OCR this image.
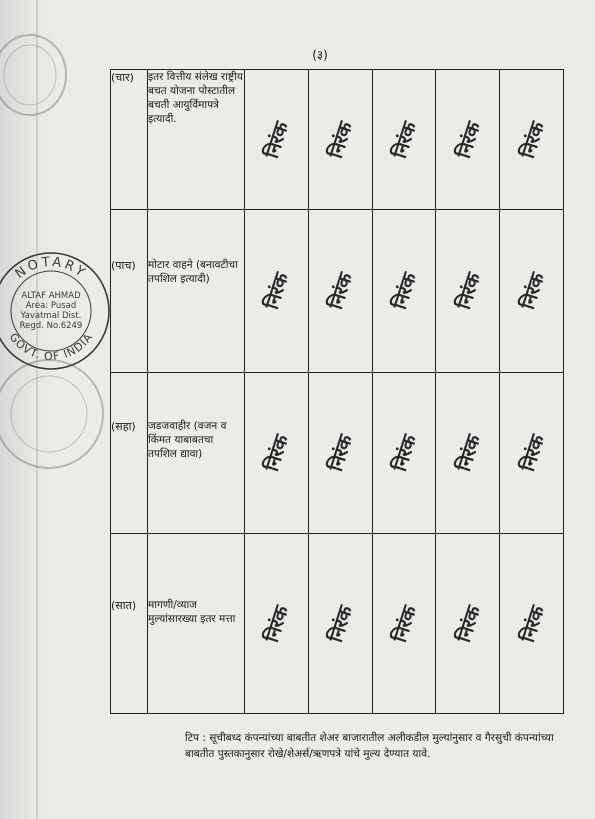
(३)
NOTARY
GOVT. OF INDIA
ALTAF AHMAD
Area: Pusad
Yavatmal Dist.
Regd. No.6249
(चार)	इतर वित्तीय संलेख राष्ट्रीय बचत योजना पोस्टातील बचती आयुर्विमापत्रे इत्यादी.	निरंक	निरंक	निरंक	निरंक	निरंक

(पाच)	मोटार वाहने (बनावटीचा तपशिल इत्यादी)	निरंक	निरंक	निरंक	निरंक	निरंक

(सहा)	जडजवाहीर (वजन व किंमत याबाबतचा तपशिल द्यावा)	निरंक	निरंक	निरंक	निरंक	निरंक

(सात)	मागणी/व्याज मुल्यांसारख्या इतर मत्ता	निरंक	निरंक	निरंक	निरंक	निरंक
टिप : सूचीबध्द कंपन्यांच्या बाबतीत शेअर बाजारातील अलीकडील मुल्यांनुसार व गैरसुची कंपन्यांच्या बाबतीत पुस्तकानुसार रोखे/शेअर्स/ऋणपत्रे यांचे मुल्य देण्यात यावे.
